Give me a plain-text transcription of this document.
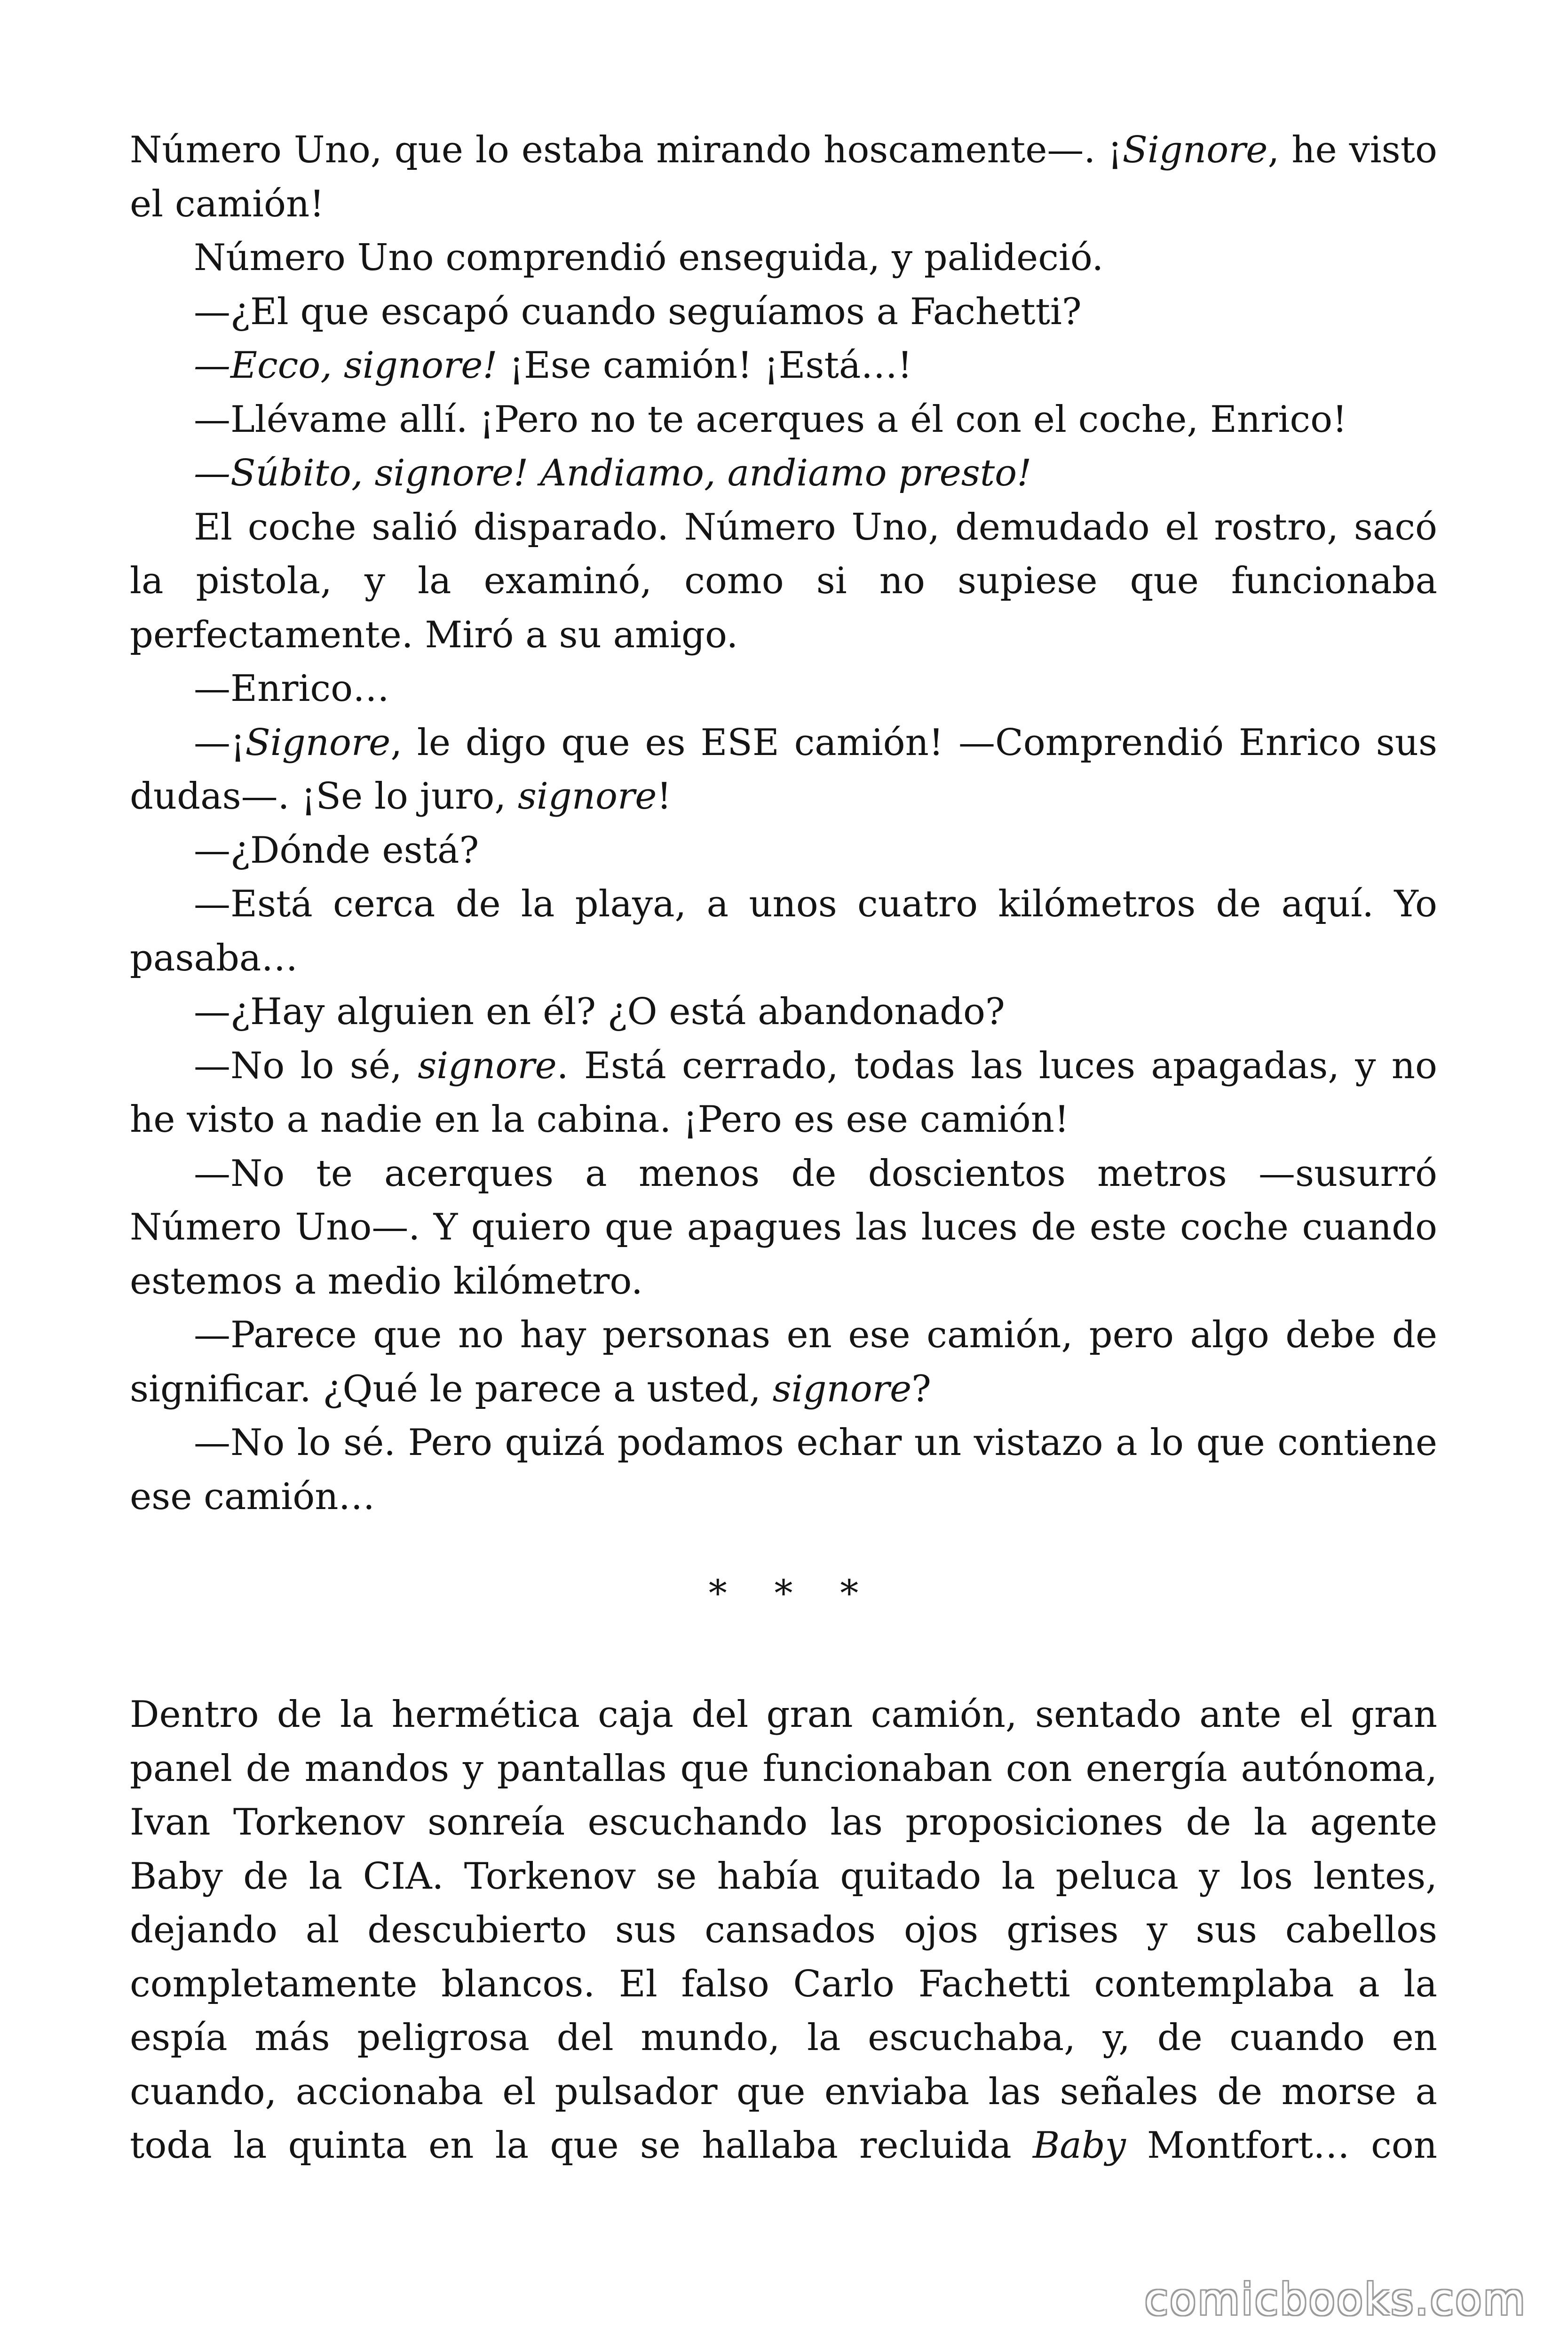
Número Uno, que lo estaba mirando hoscamente—. ¡Signore, he visto el camión!

Número Uno comprendió enseguida, y palideció.

—¿El que escapó cuando seguíamos a Fachetti?

—Ecco, signore! ¡Ese camión! ¡Está…!

—Llévame allí. ¡Pero no te acerques a él con el coche, Enrico!

—Súbito, signore! Andiamo, andiamo presto!

El coche salió disparado. Número Uno, demudado el rostro, sacó la pistola, y la examinó, como si no supiese que funcionaba perfectamente. Miró a su amigo.

—Enrico…

—¡Signore, le digo que es ESE camión! —Comprendió Enrico sus dudas—. ¡Se lo juro, signore!

—¿Dónde está?

—Está cerca de la playa, a unos cuatro kilómetros de aquí. Yo pasaba…

—¿Hay alguien en él? ¿O está abandonado?

—No lo sé, signore. Está cerrado, todas las luces apagadas, y no he visto a nadie en la cabina. ¡Pero es ese camión!

—No te acerques a menos de doscientos metros —susurró Número Uno—. Y quiero que apagues las luces de este coche cuando estemos a medio kilómetro.

—Parece que no hay personas en ese camión, pero algo debe de significar. ¿Qué le parece a usted, signore?

—No lo sé. Pero quizá podamos echar un vistazo a lo que contiene ese camión…

* * *

Dentro de la hermética caja del gran camión, sentado ante el gran panel de mandos y pantallas que funcionaban con energía autónoma, Ivan Torkenov sonreía escuchando las proposiciones de la agente Baby de la CIA. Torkenov se había quitado la peluca y los lentes, dejando al descubierto sus cansados ojos grises y sus cabellos completamente blancos. El falso Carlo Fachetti contemplaba a la espía más peligrosa del mundo, la escuchaba, y, de cuando en cuando, accionaba el pulsador que enviaba las señales de morse a toda la quinta en la que se hallaba recluida Baby Montfort… con

comicbooks.com
